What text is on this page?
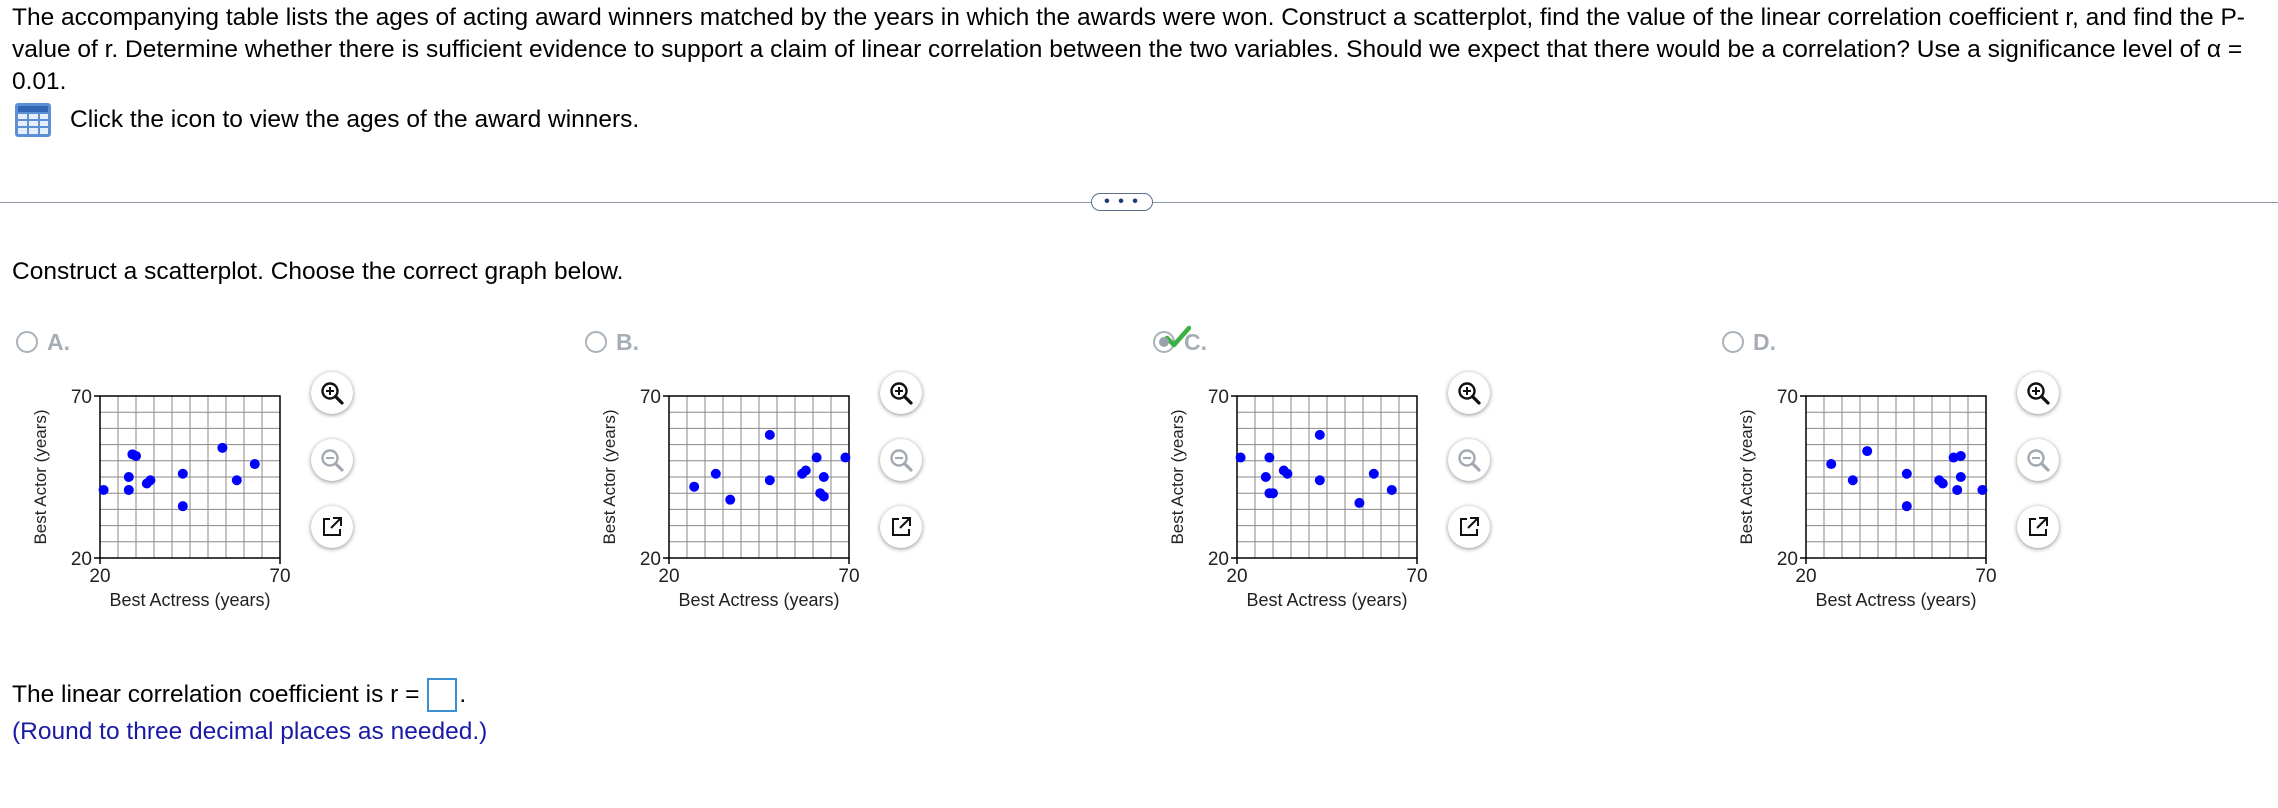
The accompanying table lists the ages of acting award winners matched by the years in which the awards were won. Construct a scatterplot, find the value of the linear correlation coefficient r, and find the P-value of r. Determine whether there is sufficient evidence to support a claim of linear correlation between the two variables. Should we expect that there would be a correlation? Use a significance level of α = 0.01.
Click the icon to view the ages of the award winners.
• • •
Construct a scatterplot. Choose the correct graph below.
A.
70
20
20	70
Best Actress (years)
Best Actor (years)
B.
70
20
20	70
Best Actress (years)
Best Actor (years)
C.
70
20
20	70
Best Actress (years)
Best Actor (years)
D.
70
20
20	70
Best Actress (years)
Best Actor (years)
The linear correlation coefficient is r = .
(Round to three decimal places as needed.)
